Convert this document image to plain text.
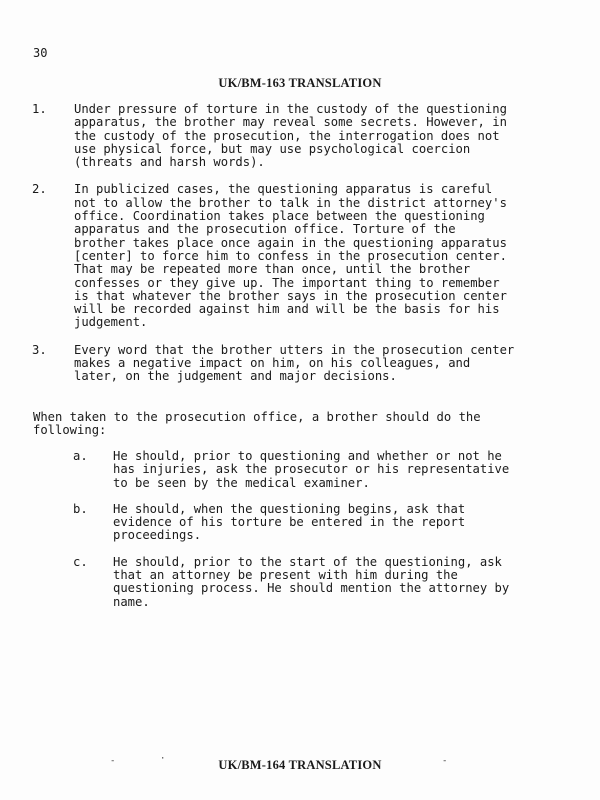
30
UK/BM-163 TRANSLATION
1. Under pressure of torture in the custody of the questioning
apparatus, the brother may reveal some secrets. However, in
the custody of the prosecution, the interrogation does not
use physical force, but may use psychological coercion
(threats and harsh words).
2. In publicized cases, the questioning apparatus is careful
not to allow the brother to talk in the district attorney's
office. Coordination takes place between the questioning
apparatus and the prosecution office. Torture of the
brother takes place once again in the questioning apparatus
[center] to force him to confess in the prosecution center.
That may be repeated more than once, until the brother
confesses or they give up. The important thing to remember
is that whatever the brother says in the prosecution center
will be recorded against him and will be the basis for his
judgement.
3. Every word that the brother utters in the prosecution center
makes a negative impact on him, on his colleagues, and
later, on the judgement and major decisions.
When taken to the prosecution office, a brother should do the
following:
a. He should, prior to questioning and whether or not he
has injuries, ask the prosecutor or his representative
to be seen by the medical examiner.
b. He should, when the questioning begins, ask that
evidence of his torture be entered in the report
proceedings.
c. He should, prior to the start of the questioning, ask
that an attorney be present with him during the
questioning process. He should mention the attorney by
name.
-	·	-
UK/BM-164 TRANSLATION
